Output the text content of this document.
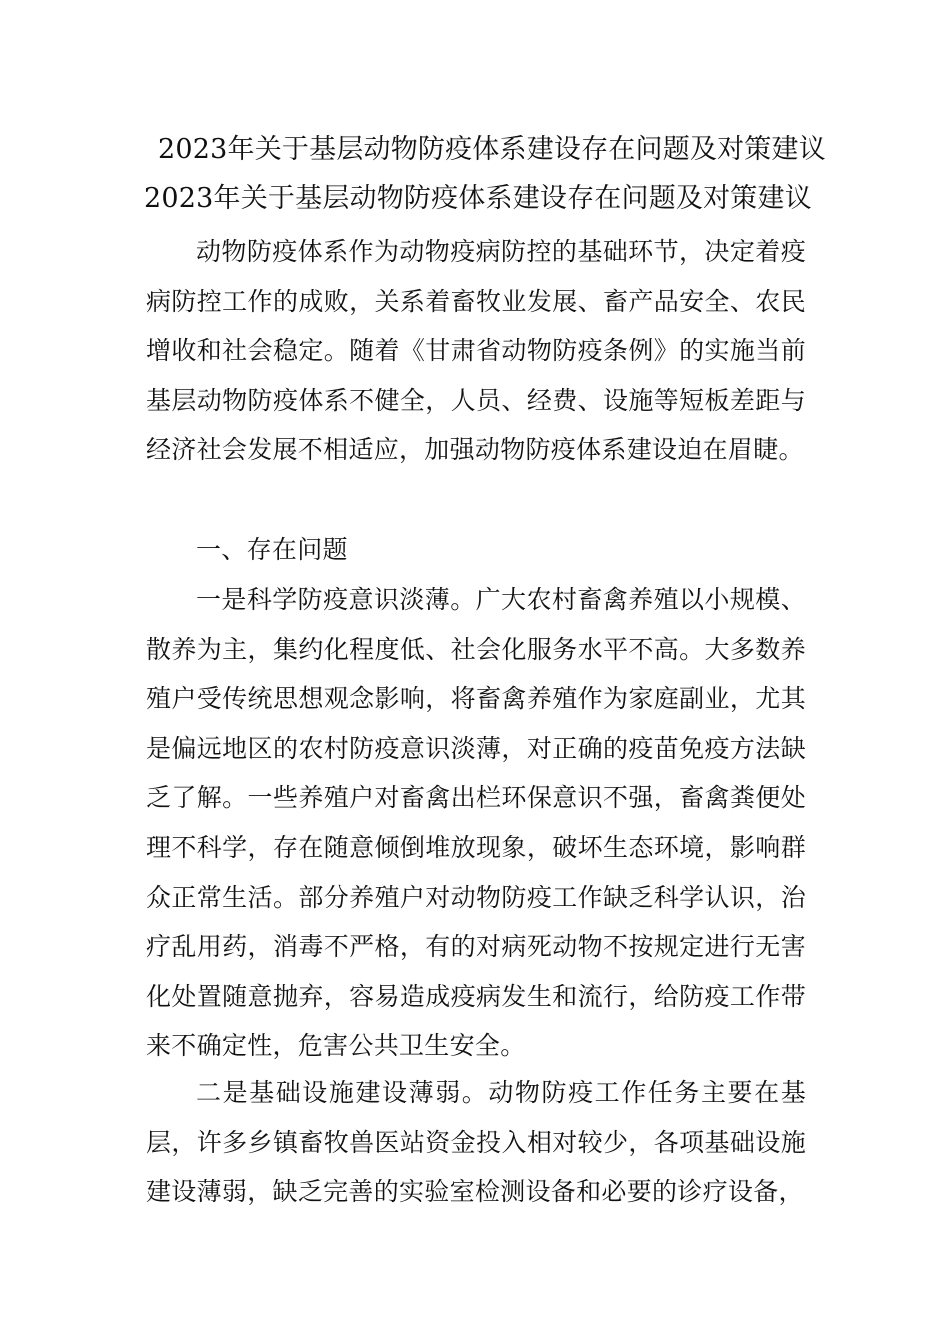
2023年关于基层动物防疫体系建设存在问题及对策建议
2023年关于基层动物防疫体系建设存在问题及对策建议

动物防疫体系作为动物疫病防控的基础环节，决定着疫病防控工作的成败，关系着畜牧业发展、畜产品安全、农民增收和社会稳定。随着《甘肃省动物防疫条例》的实施当前基层动物防疫体系不健全，人员、经费、设施等短板差距与经济社会发展不相适应，加强动物防疫体系建设迫在眉睫。

一、存在问题

一是科学防疫意识淡薄。广大农村畜禽养殖以小规模、散养为主，集约化程度低、社会化服务水平不高。大多数养殖户受传统思想观念影响，将畜禽养殖作为家庭副业，尤其是偏远地区的农村防疫意识淡薄，对正确的疫苗免疫方法缺乏了解。一些养殖户对畜禽出栏环保意识不强，畜禽粪便处理不科学，存在随意倾倒堆放现象，破坏生态环境，影响群众正常生活。部分养殖户对动物防疫工作缺乏科学认识，治疗乱用药，消毒不严格，有的对病死动物不按规定进行无害化处置随意抛弃，容易造成疫病发生和流行，给防疫工作带来不确定性，危害公共卫生安全。

二是基础设施建设薄弱。动物防疫工作任务主要在基层，许多乡镇畜牧兽医站资金投入相对较少，各项基础设施建设薄弱，缺乏完善的实验室检测设备和必要的诊疗设备，
